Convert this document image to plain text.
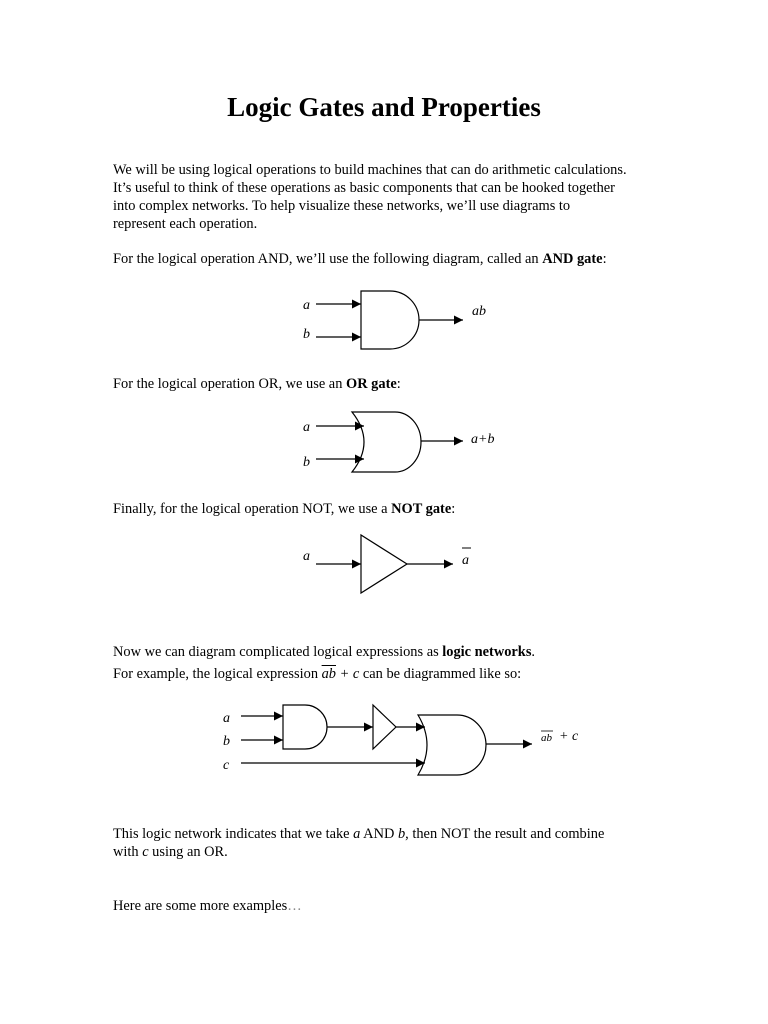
Logic Gates and Properties
We will be using logical operations to build machines that can do arithmetic calculations.
It’s useful to think of these operations as basic components that can be hooked together
into complex networks. To help visualize these networks, we’ll use diagrams to
represent each operation.
For the logical operation AND, we’ll use the following diagram, called an AND gate:
For the logical operation OR, we use an OR gate:
Finally, for the logical operation NOT, we use a NOT gate:
Now we can diagram complicated logical expressions as logic networks.
For example, the logical expression $\overline{ab} + c$ can be diagrammed like so:
This logic network indicates that we take a AND b, then NOT the result and combine
with c using an OR.
Here are some more examples…
a
b
ab
a
b
a+b
a	a
a
b
c
ab + c
